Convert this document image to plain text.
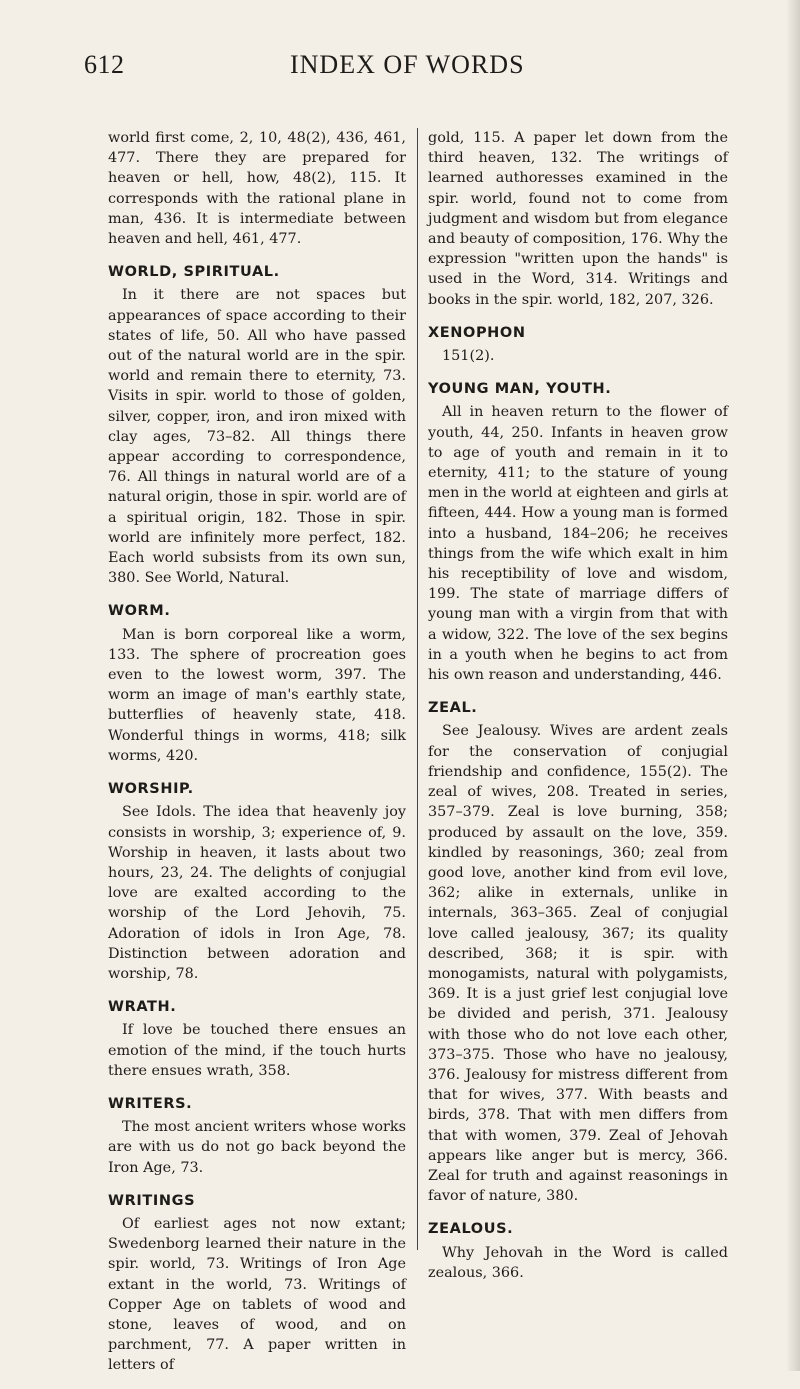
612	INDEX OF WORDS

world first come, 2, 10, 48(2), 436, 461, 477. There they are prepared for heaven or hell, how, 48(2), 115. It corresponds with the rational plane in man, 436. It is intermediate between heaven and hell, 461, 477.

WORLD, SPIRITUAL.

In it there are not spaces but appearances of space according to their states of life, 50. All who have passed out of the natural world are in the spir. world and remain there to eternity, 73. Visits in spir. world to those of golden, silver, copper, iron, and iron mixed with clay ages, 73–82. All things there appear according to correspondence, 76. All things in natural world are of a natural origin, those in spir. world are of a spiritual origin, 182. Those in spir. world are infinitely more perfect, 182. Each world subsists from its own sun, 380. See World, Natural.

WORM.

Man is born corporeal like a worm, 133. The sphere of procreation goes even to the lowest worm, 397. The worm an image of man's earthly state, butterflies of heavenly state, 418. Wonderful things in worms, 418; silk worms, 420.

WORSHIP.

See Idols. The idea that heavenly joy consists in worship, 3; experience of, 9. Worship in heaven, it lasts about two hours, 23, 24. The delights of conjugial love are exalted according to the worship of the Lord Jehovih, 75. Adoration of idols in Iron Age, 78. Distinction between adoration and worship, 78.

WRATH.

If love be touched there ensues an emotion of the mind, if the touch hurts there ensues wrath, 358.

WRITERS.

The most ancient writers whose works are with us do not go back beyond the Iron Age, 73.

WRITINGS

Of earliest ages not now extant; Swedenborg learned their nature in the spir. world, 73. Writings of Iron Age extant in the world, 73. Writings of Copper Age on tablets of wood and stone, leaves of wood, and on parchment, 77. A paper written in letters of

gold, 115. A paper let down from the third heaven, 132. The writings of learned authoresses examined in the spir. world, found not to come from judgment and wisdom but from elegance and beauty of composition, 176. Why the expression "written upon the hands" is used in the Word, 314. Writings and books in the spir. world, 182, 207, 326.

XENOPHON

151(2).

YOUNG MAN, YOUTH.

All in heaven return to the flower of youth, 44, 250. Infants in heaven grow to age of youth and remain in it to eternity, 411; to the stature of young men in the world at eighteen and girls at fifteen, 444. How a young man is formed into a husband, 184–206; he receives things from the wife which exalt in him his receptibility of love and wisdom, 199. The state of marriage differs of young man with a virgin from that with a widow, 322. The love of the sex begins in a youth when he begins to act from his own reason and understanding, 446.

ZEAL.

See Jealousy. Wives are ardent zeals for the conservation of conjugial friendship and confidence, 155(2). The zeal of wives, 208. Treated in series, 357–379. Zeal is love burning, 358; produced by assault on the love, 359. kindled by reasonings, 360; zeal from good love, another kind from evil love, 362; alike in externals, unlike in internals, 363–365. Zeal of conjugial love called jealousy, 367; its quality described, 368; it is spir. with monogamists, natural with polygamists, 369. It is a just grief lest conjugial love be divided and perish, 371. Jealousy with those who do not love each other, 373–375. Those who have no jealousy, 376. Jealousy for mistress different from that for wives, 377. With beasts and birds, 378. That with men differs from that with women, 379. Zeal of Jehovah appears like anger but is mercy, 366. Zeal for truth and against reasonings in favor of nature, 380.

ZEALOUS.

Why Jehovah in the Word is called zealous, 366.
